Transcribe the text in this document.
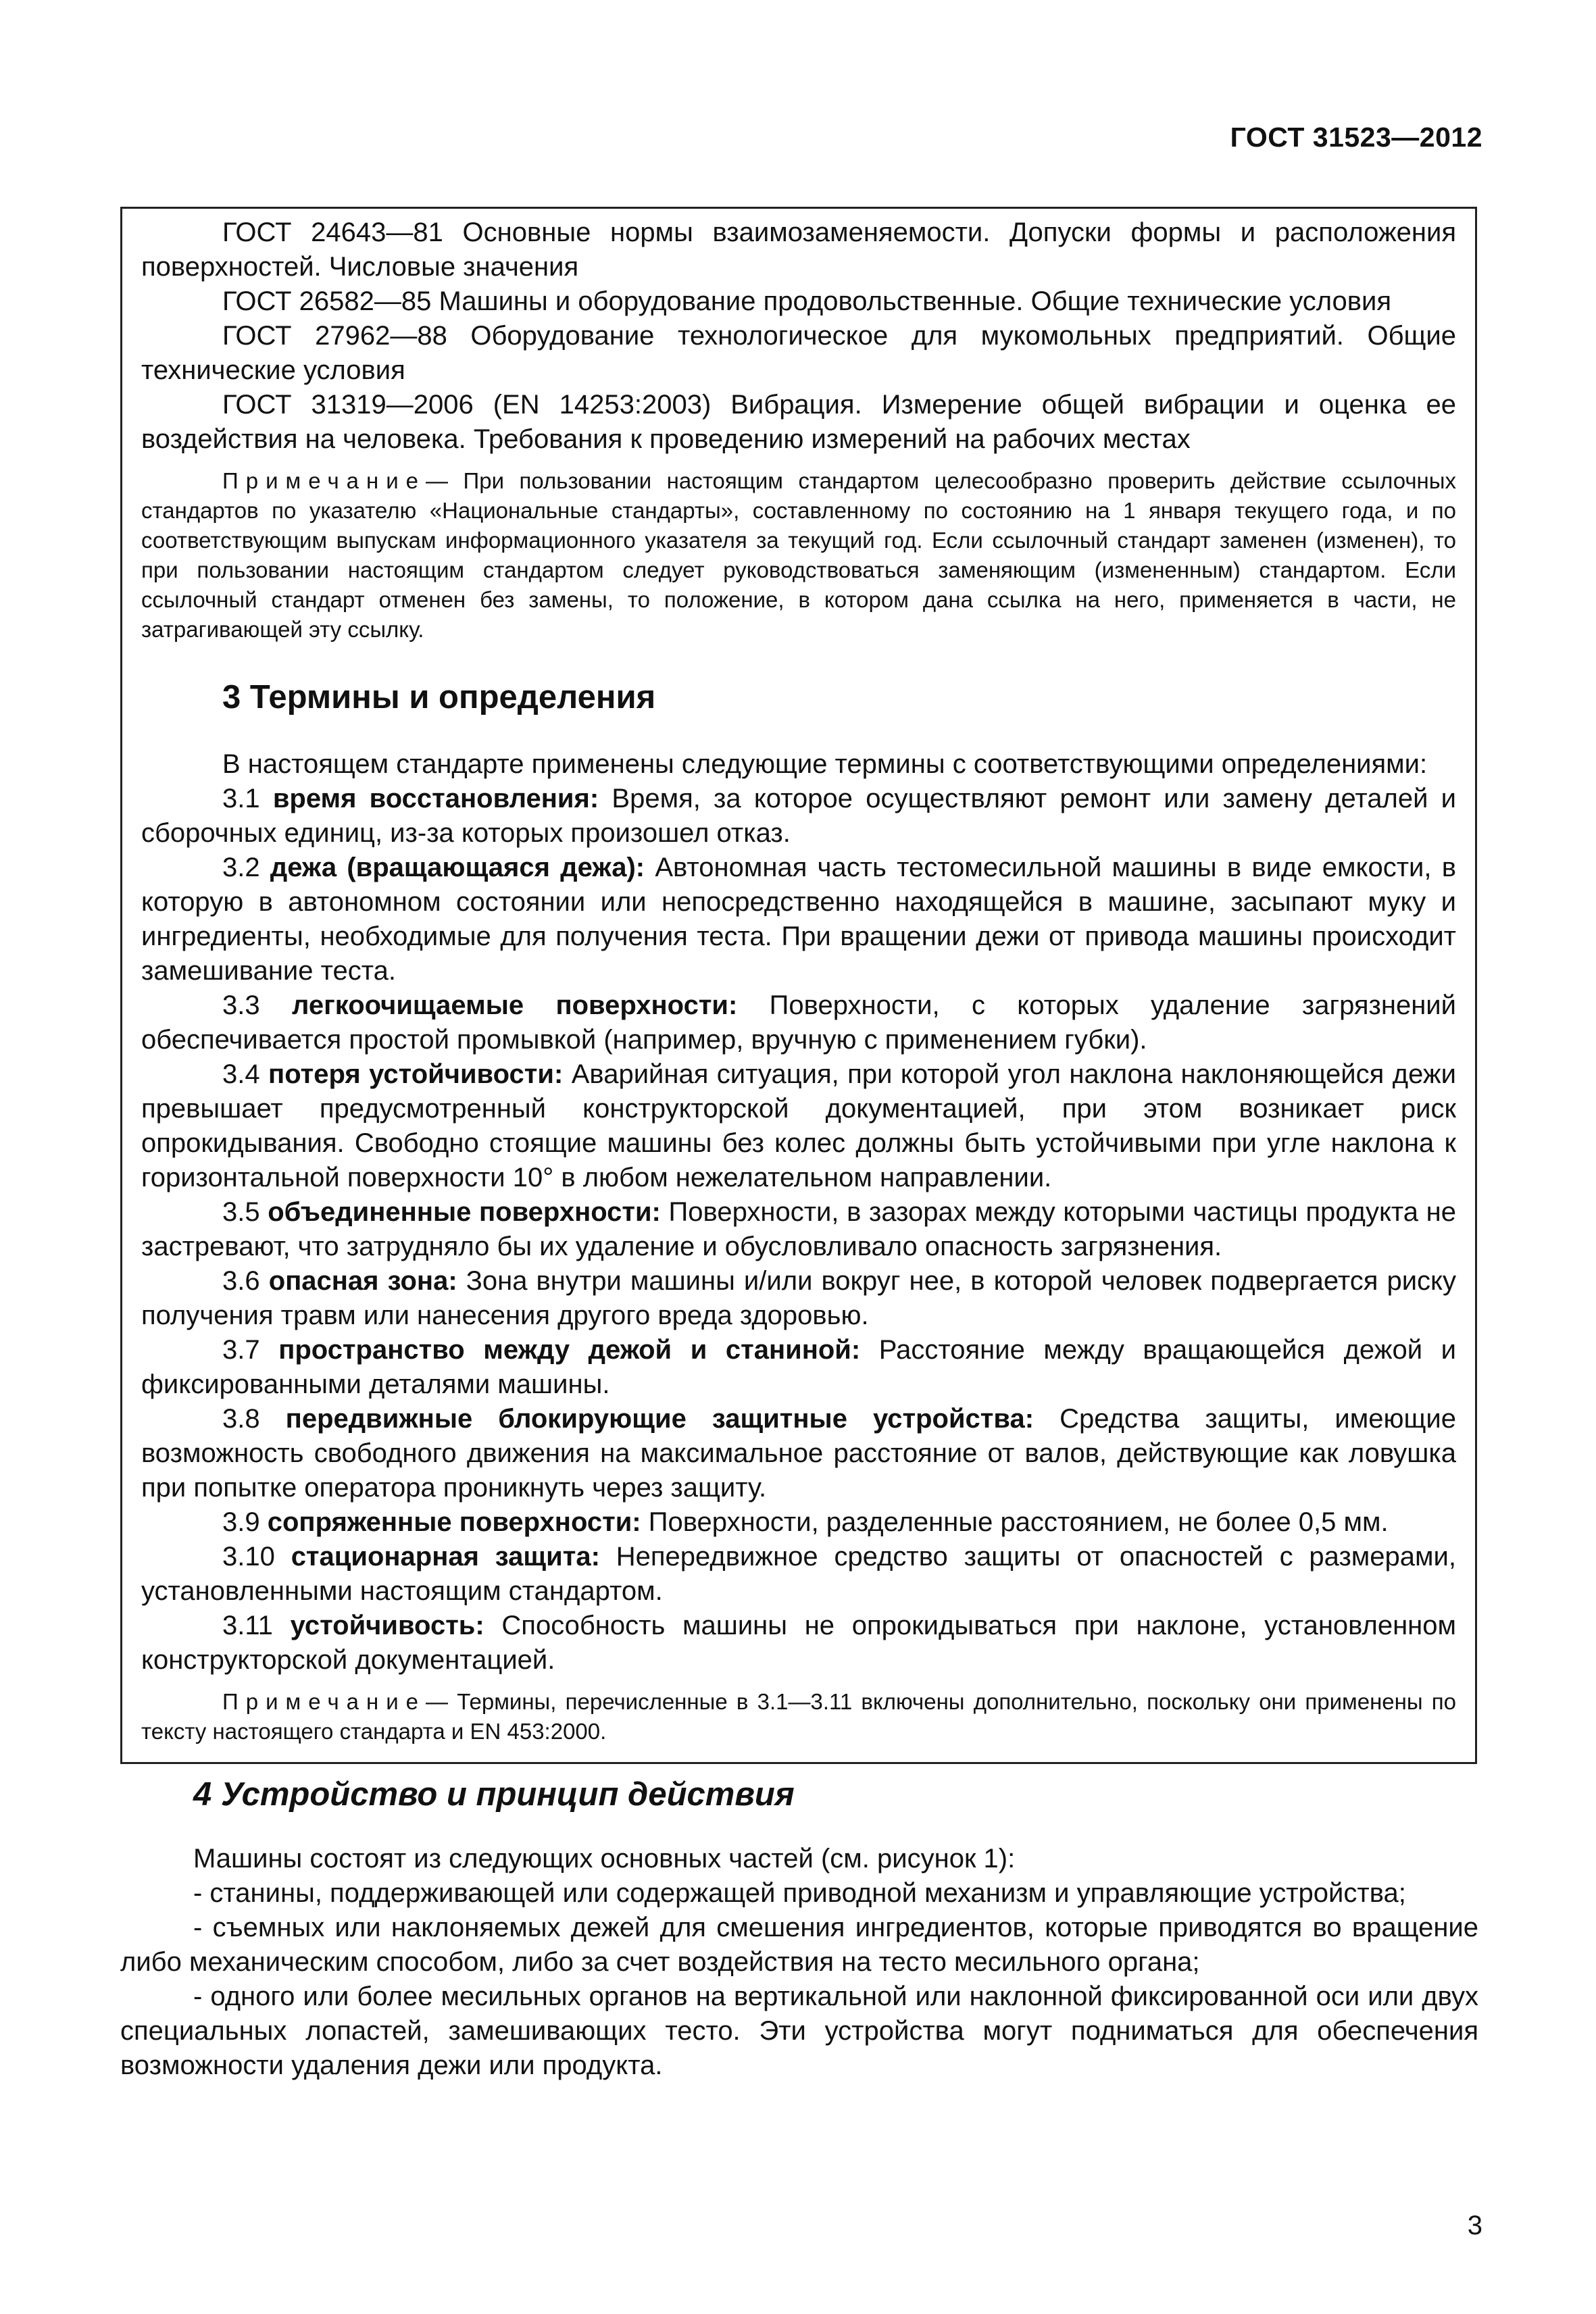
ГОСТ 31523—2012

ГОСТ 24643—81 Основные нормы взаимозаменяемости. Допуски формы и расположения поверхностей. Числовые значения

ГОСТ 26582—85 Машины и оборудование продовольственные. Общие технические условия

ГОСТ 27962—88 Оборудование технологическое для мукомольных предприятий. Общие технические условия

ГОСТ 31319—2006 (EN 14253:2003) Вибрация. Измерение общей вибрации и оценка ее воздействия на человека. Требования к проведению измерений на рабочих местах

Примечание— При пользовании настоящим стандартом целесообразно проверить действие ссылочных стандартов по указателю «Национальные стандарты», составленному по состоянию на 1 января текущего года, и по соответствующим выпускам информационного указателя за текущий год. Если ссылочный стандарт заменен (изменен), то при пользовании настоящим стандартом следует руководствоваться заменяющим (измененным) стандартом. Если ссылочный стандарт отменен без замены, то положение, в котором дана ссылка на него, применяется в части, не затрагивающей эту ссылку.

3 Термины и определения

В настоящем стандарте применены следующие термины с соответствующими определениями:

3.1 время восстановления: Время, за которое осуществляют ремонт или замену деталей и сборочных единиц, из-за которых произошел отказ.

3.2 дежа (вращающаяся дежа): Автономная часть тестомесильной машины в виде емкости, в которую в автономном состоянии или непосредственно находящейся в машине, засыпают муку и ингредиенты, необходимые для получения теста. При вращении дежи от привода машины происходит замешивание теста.

3.3 легкоочищаемые поверхности: Поверхности, с которых удаление загрязнений обеспечивается простой промывкой (например, вручную с применением губки).

3.4 потеря устойчивости: Аварийная ситуация, при которой угол наклона наклоняющейся дежи превышает предусмотренный конструкторской документацией, при этом возникает риск опрокидывания. Свободно стоящие машины без колес должны быть устойчивыми при угле наклона к горизонтальной поверхности 10° в любом нежелательном направлении.

3.5 объединенные поверхности: Поверхности, в зазорах между которыми частицы продукта не застревают, что затрудняло бы их удаление и обусловливало опасность загрязнения.

3.6 опасная зона: Зона внутри машины и/или вокруг нее, в которой человек подвергается риску получения травм или нанесения другого вреда здоровью.

3.7 пространство между дежой и станиной: Расстояние между вращающейся дежой и фиксированными деталями машины.

3.8 передвижные блокирующие защитные устройства: Средства защиты, имеющие возможность свободного движения на максимальное расстояние от валов, действующие как ловушка при попытке оператора проникнуть через защиту.

3.9 сопряженные поверхности: Поверхности, разделенные расстоянием, не более 0,5 мм.

3.10 стационарная защита: Непередвижное средство защиты от опасностей с размерами, установленными настоящим стандартом.

3.11 устойчивость: Способность машины не опрокидываться при наклоне, установленном конструкторской документацией.

Примечание— Термины, перечисленные в 3.1—3.11 включены дополнительно, поскольку они применены по тексту настоящего стандарта и EN 453:2000.

4 Устройство и принцип действия

Машины состоят из следующих основных частей (см. рисунок 1):

- станины, поддерживающей или содержащей приводной механизм и управляющие устройства;

- съемных или наклоняемых дежей для смешения ингредиентов, которые приводятся во вращение либо механическим способом, либо за счет воздействия на тесто месильного органа;

- одного или более месильных органов на вертикальной или наклонной фиксированной оси или двух специальных лопастей, замешивающих тесто. Эти устройства могут подниматься для обеспечения возможности удаления дежи или продукта.

3
